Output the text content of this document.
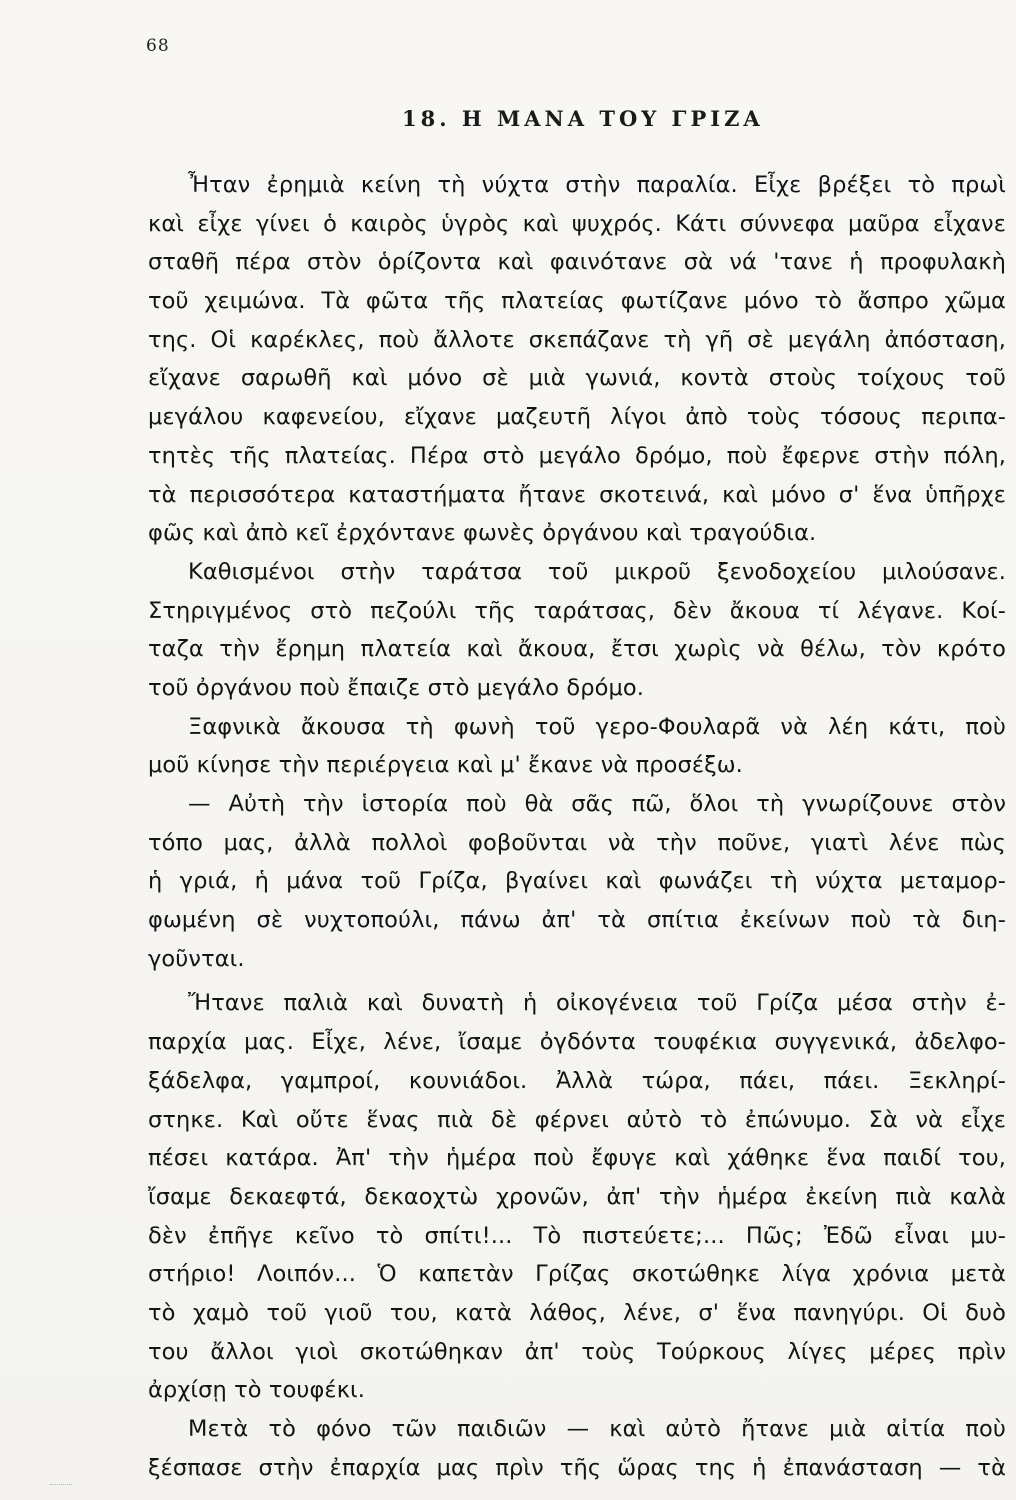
68
18. Η ΜΑΝΑ ΤΟΥ ΓΡΙΖΑ
Ἦταν ἐρημιὰ κείνη τὴ νύχτα στὴν παραλία. Εἶχε βρέξει τὸ πρωὶ
καὶ εἶχε γίνει ὁ καιρὸς ὑγρὸς καὶ ψυχρός. Κάτι σύννεφα μαῦρα εἶχανε
σταθῆ πέρα στὸν ὁρίζοντα καὶ φαινότανε σὰ νά 'τανε ἡ προφυλακὴ
τοῦ χειμώνα. Τὰ φῶτα τῆς πλατείας φωτίζανε μόνο τὸ ἄσπρο χῶμα
της. Οἱ καρέκλες, ποὺ ἄλλοτε σκεπάζανε τὴ γῆ σὲ μεγάλη ἀπόσταση,
εἴχανε σαρωθῆ καὶ μόνο σὲ μιὰ γωνιά, κοντὰ στοὺς τοίχους τοῦ
μεγάλου καφενείου, εἴχανε μαζευτῆ λίγοι ἀπὸ τοὺς τόσους περιπα-
τητὲς τῆς πλατείας. Πέρα στὸ μεγάλο δρόμο, ποὺ ἔφερνε στὴν πόλη,
τὰ περισσότερα καταστήματα ἤτανε σκοτεινά, καὶ μόνο σ' ἕνα ὑπῆρχε
φῶς καὶ ἀπὸ κεῖ ἐρχόντανε φωνὲς ὀργάνου καὶ τραγούδια.
Καθισμένοι στὴν ταράτσα τοῦ μικροῦ ξενοδοχείου μιλούσανε.
Στηριγμένος στὸ πεζούλι τῆς ταράτσας, δὲν ἄκουα τί λέγανε. Κοί-
ταζα τὴν ἔρημη πλατεία καὶ ἄκουα, ἔτσι χωρὶς νὰ θέλω, τὸν κρότο
τοῦ ὀργάνου ποὺ ἔπαιζε στὸ μεγάλο δρόμο.
Ξαφνικὰ ἄκουσα τὴ φωνὴ τοῦ γερο-Φουλαρᾶ νὰ λέη κάτι, ποὺ
μοῦ κίνησε τὴν περιέργεια καὶ μ' ἔκανε νὰ προσέξω.
— Αὐτὴ τὴν ἱστορία ποὺ θὰ σᾶς πῶ, ὅλοι τὴ γνωρίζουνε στὸν
τόπο μας, ἀλλὰ πολλοὶ φοβοῦνται νὰ τὴν ποῦνε, γιατὶ λένε πὼς
ἡ γριά, ἡ μάνα τοῦ Γρίζα, βγαίνει καὶ φωνάζει τὴ νύχτα μεταμορ-
φωμένη σὲ νυχτοπούλι, πάνω ἀπ' τὰ σπίτια ἐκείνων ποὺ τὰ διη-
γοῦνται.
Ἤτανε παλιὰ καὶ δυνατὴ ἡ οἰκογένεια τοῦ Γρίζα μέσα στὴν ἐ-
παρχία μας. Εἶχε, λένε, ἴσαμε ὀγδόντα τουφέκια συγγενικά, ἀδελφο-
ξάδελφα, γαμπροί, κουνιάδοι. Ἀλλὰ τώρα, πάει, πάει. Ξεκληρί-
στηκε. Καὶ οὔτε ἕνας πιὰ δὲ φέρνει αὐτὸ τὸ ἐπώνυμο. Σὰ νὰ εἶχε
πέσει κατάρα. Ἀπ' τὴν ἡμέρα ποὺ ἔφυγε καὶ χάθηκε ἕνα παιδί του,
ἴσαμε δεκαεφτά, δεκαοχτὼ χρονῶν, ἀπ' τὴν ἡμέρα ἐκείνη πιὰ καλὰ
δὲν ἐπῆγε κεῖνο τὸ σπίτι!... Τὸ πιστεύετε;... Πῶς; Ἐδῶ εἶναι μυ-
στήριο! Λοιπόν... Ὁ καπετὰν Γρίζας σκοτώθηκε λίγα χρόνια μετὰ
τὸ χαμὸ τοῦ γιοῦ του, κατὰ λάθος, λένε, σ' ἕνα πανηγύρι. Οἱ δυὸ
του ἄλλοι γιοὶ σκοτώθηκαν ἀπ' τοὺς Τούρκους λίγες μέρες πρὶν
ἀρχίσῃ τὸ τουφέκι.
Μετὰ τὸ φόνο τῶν παιδιῶν — καὶ αὐτὸ ἤτανε μιὰ αἰτία ποὺ
ξέσπασε στὴν ἐπαρχία μας πρὶν τῆς ὥρας της ἡ ἐπανάσταση — τὰ
